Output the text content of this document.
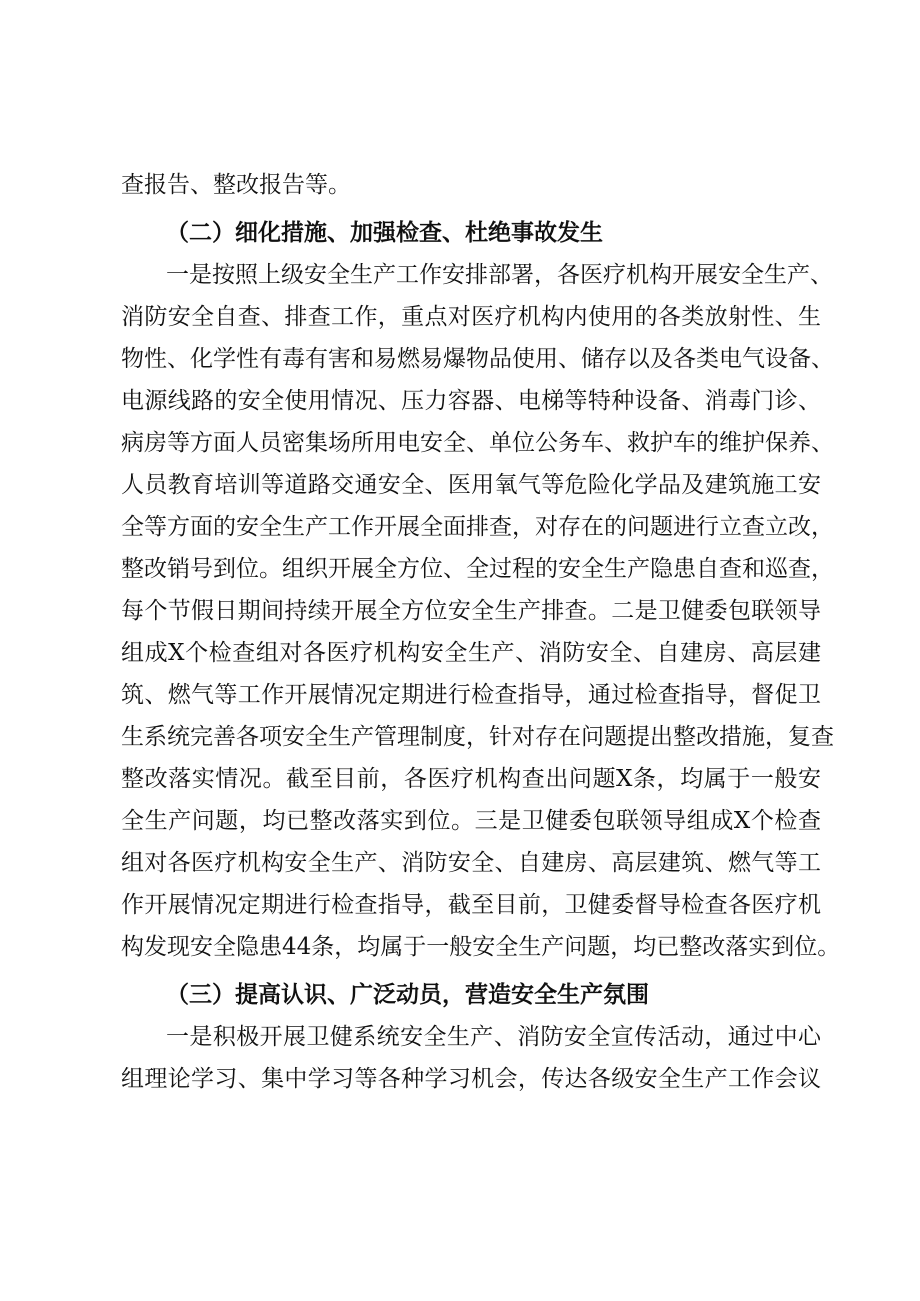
查报告、整改报告等。
（二）细化措施、加强检查、杜绝事故发生
一是按照上级安全生产工作安排部署，各医疗机构开展安全生产、
消防安全自查、排查工作，重点对医疗机构内使用的各类放射性、生
物性、化学性有毒有害和易燃易爆物品使用、储存以及各类电气设备、
电源线路的安全使用情况、压力容器、电梯等特种设备、消毒门诊、
病房等方面人员密集场所用电安全、单位公务车、救护车的维护保养、
人员教育培训等道路交通安全、医用氧气等危险化学品及建筑施工安
全等方面的安全生产工作开展全面排查，对存在的问题进行立查立改，
整改销号到位。组织开展全方位、全过程的安全生产隐患自查和巡查，
每个节假日期间持续开展全方位安全生产排查。二是卫健委包联领导
组成X个检查组对各医疗机构安全生产、消防安全、自建房、高层建
筑、燃气等工作开展情况定期进行检查指导，通过检查指导，督促卫
生系统完善各项安全生产管理制度，针对存在问题提出整改措施，复查
整改落实情况。截至目前，各医疗机构查出问题X条，均属于一般安
全生产问题，均已整改落实到位。三是卫健委包联领导组成X个检查
组对各医疗机构安全生产、消防安全、自建房、高层建筑、燃气等工
作开展情况定期进行检查指导，截至目前，卫健委督导检查各医疗机
构发现安全隐患44条，均属于一般安全生产问题，均已整改落实到位。
（三）提高认识、广泛动员，营造安全生产氛围
一是积极开展卫健系统安全生产、消防安全宣传活动，通过中心
组理论学习、集中学习等各种学习机会，传达各级安全生产工作会议
